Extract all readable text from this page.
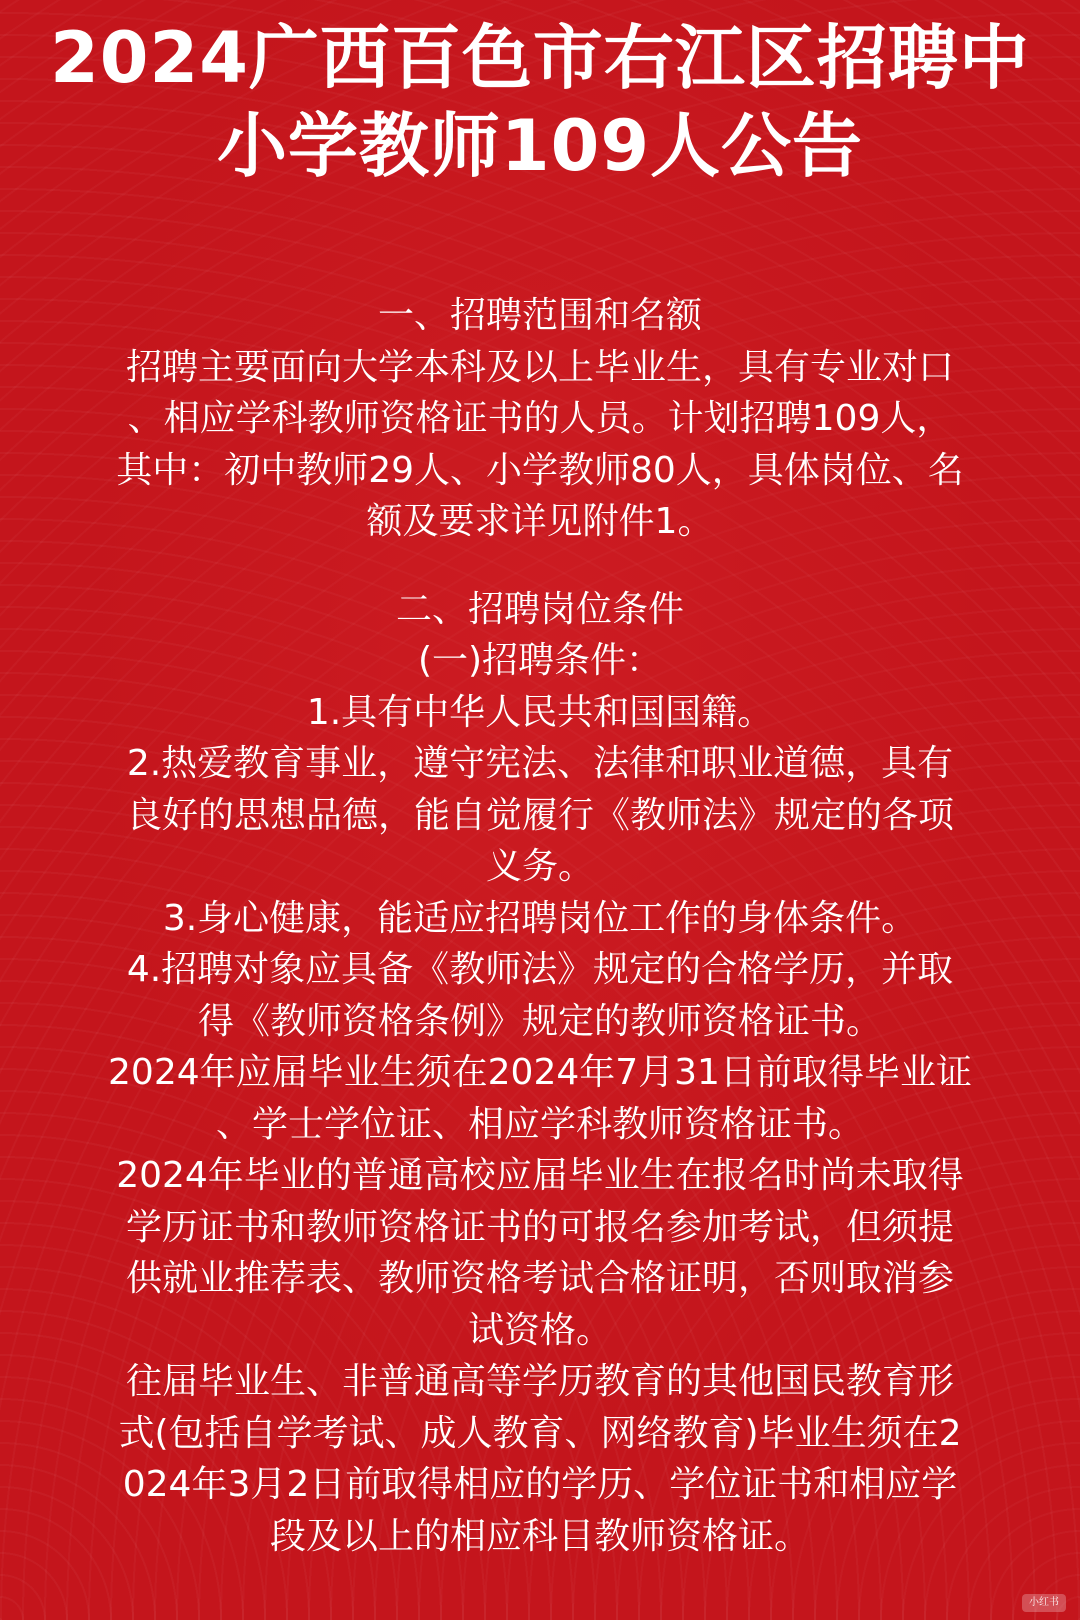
2024广西百色市右江区招聘中
小学教师109人公告
一、招聘范围和名额
招聘主要面向大学本科及以上毕业生，具有专业对口
、相应学科教师资格证书的人员。计划招聘109人，
其中：初中教师29人、小学教师80人，具体岗位、名
额及要求详见附件1。
二、招聘岗位条件
(一)招聘条件：
1.具有中华人民共和国国籍。
2.热爱教育事业，遵守宪法、法律和职业道德，具有
良好的思想品德，能自觉履行《教师法》规定的各项
义务。
3.身心健康，能适应招聘岗位工作的身体条件。
4.招聘对象应具备《教师法》规定的合格学历，并取
得《教师资格条例》规定的教师资格证书。
2024年应届毕业生须在2024年7月31日前取得毕业证
、学士学位证、相应学科教师资格证书。
2024年毕业的普通高校应届毕业生在报名时尚未取得
学历证书和教师资格证书的可报名参加考试，但须提
供就业推荐表、教师资格考试合格证明，否则取消参
试资格。
往届毕业生、非普通高等学历教育的其他国民教育形
式(包括自学考试、成人教育、网络教育)毕业生须在2
024年3月2日前取得相应的学历、学位证书和相应学
段及以上的相应科目教师资格证。
小红书
